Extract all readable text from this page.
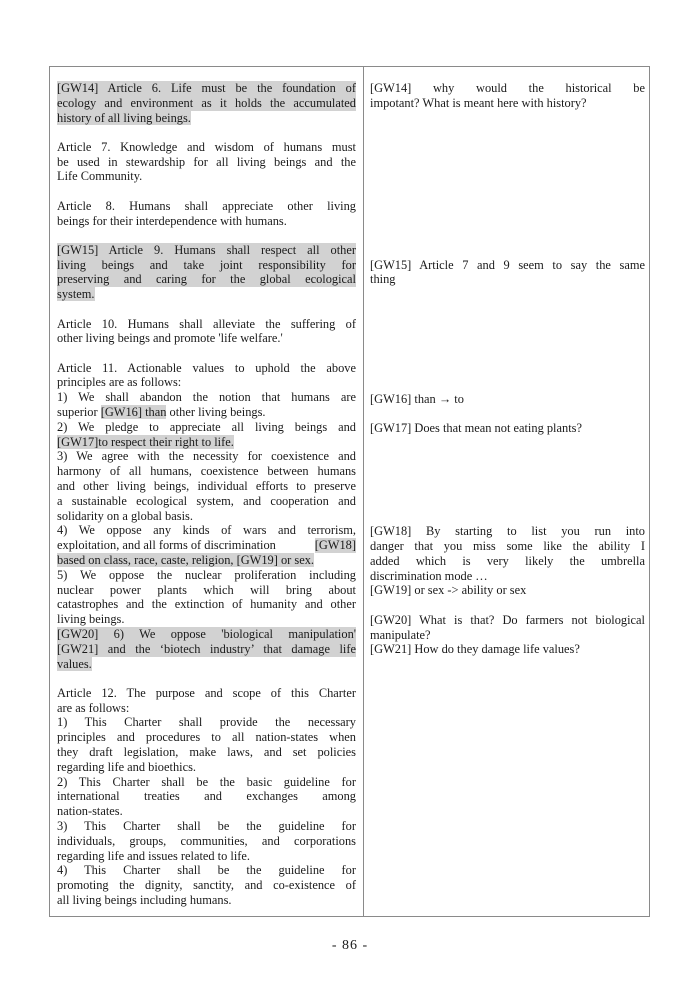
[GW14] Article 6. Life must be the foundation of
ecology and environment as it holds the accumulated
history of all living beings.
Article 7. Knowledge and wisdom of humans must
be used in stewardship for all living beings and the
Life Community.
Article 8. Humans shall appreciate other living
beings for their interdependence with humans.
[GW15] Article 9. Humans shall respect all other
living beings and take joint responsibility for
preserving and caring for the global ecological
system.
Article 10. Humans shall alleviate the suffering of
other living beings and promote 'life welfare.'
Article 11. Actionable values to uphold the above
principles are as follows:
1) We shall abandon the notion that humans are
superior [GW16] than other living beings.
2) We pledge to appreciate all living beings and
[GW17]to respect their right to life.
3) We agree with the necessity for coexistence and
harmony of all humans, coexistence between humans
and other living beings, individual efforts to preserve
a sustainable ecological system, and cooperation and
solidarity on a global basis.
4) We oppose any kinds of wars and terrorism,
exploitation, and all forms of discrimination	[GW18]
based on class, race, caste, religion, [GW19] or sex.
5) We oppose the nuclear proliferation including
nuclear power plants which will bring about
catastrophes and the extinction of humanity and other
living beings.
[GW20] 6) We oppose 'biological manipulation'
[GW21] and the ‘biotech industry’ that damage life
values.
Article 12. The purpose and scope of this Charter
are as follows:
1) This Charter shall provide the necessary
principles and procedures to all nation-states when
they draft legislation, make laws, and set policies
regarding life and bioethics.
2) This Charter shall be the basic guideline for
international treaties and exchanges among
nation-states.
3) This Charter shall be the guideline for
individuals, groups, communities, and corporations
regarding life and issues related to life.
4) This Charter shall be the guideline for
promoting the dignity, sanctity, and co-existence of
all living beings including humans.
[GW14] why would the historical be
impotant? What is meant here with history?
[GW15] Article 7 and 9 seem to say the same
thing
[GW16] than → to
[GW17] Does that mean not eating plants?
[GW18] By starting to list you run into
danger that you miss some like the ability I
added which is very likely the umbrella
discrimination mode …
[GW19] or sex -> ability or sex
[GW20] What is that? Do farmers not biological
manipulate?
[GW21] How do they damage life values?
- 86 -
